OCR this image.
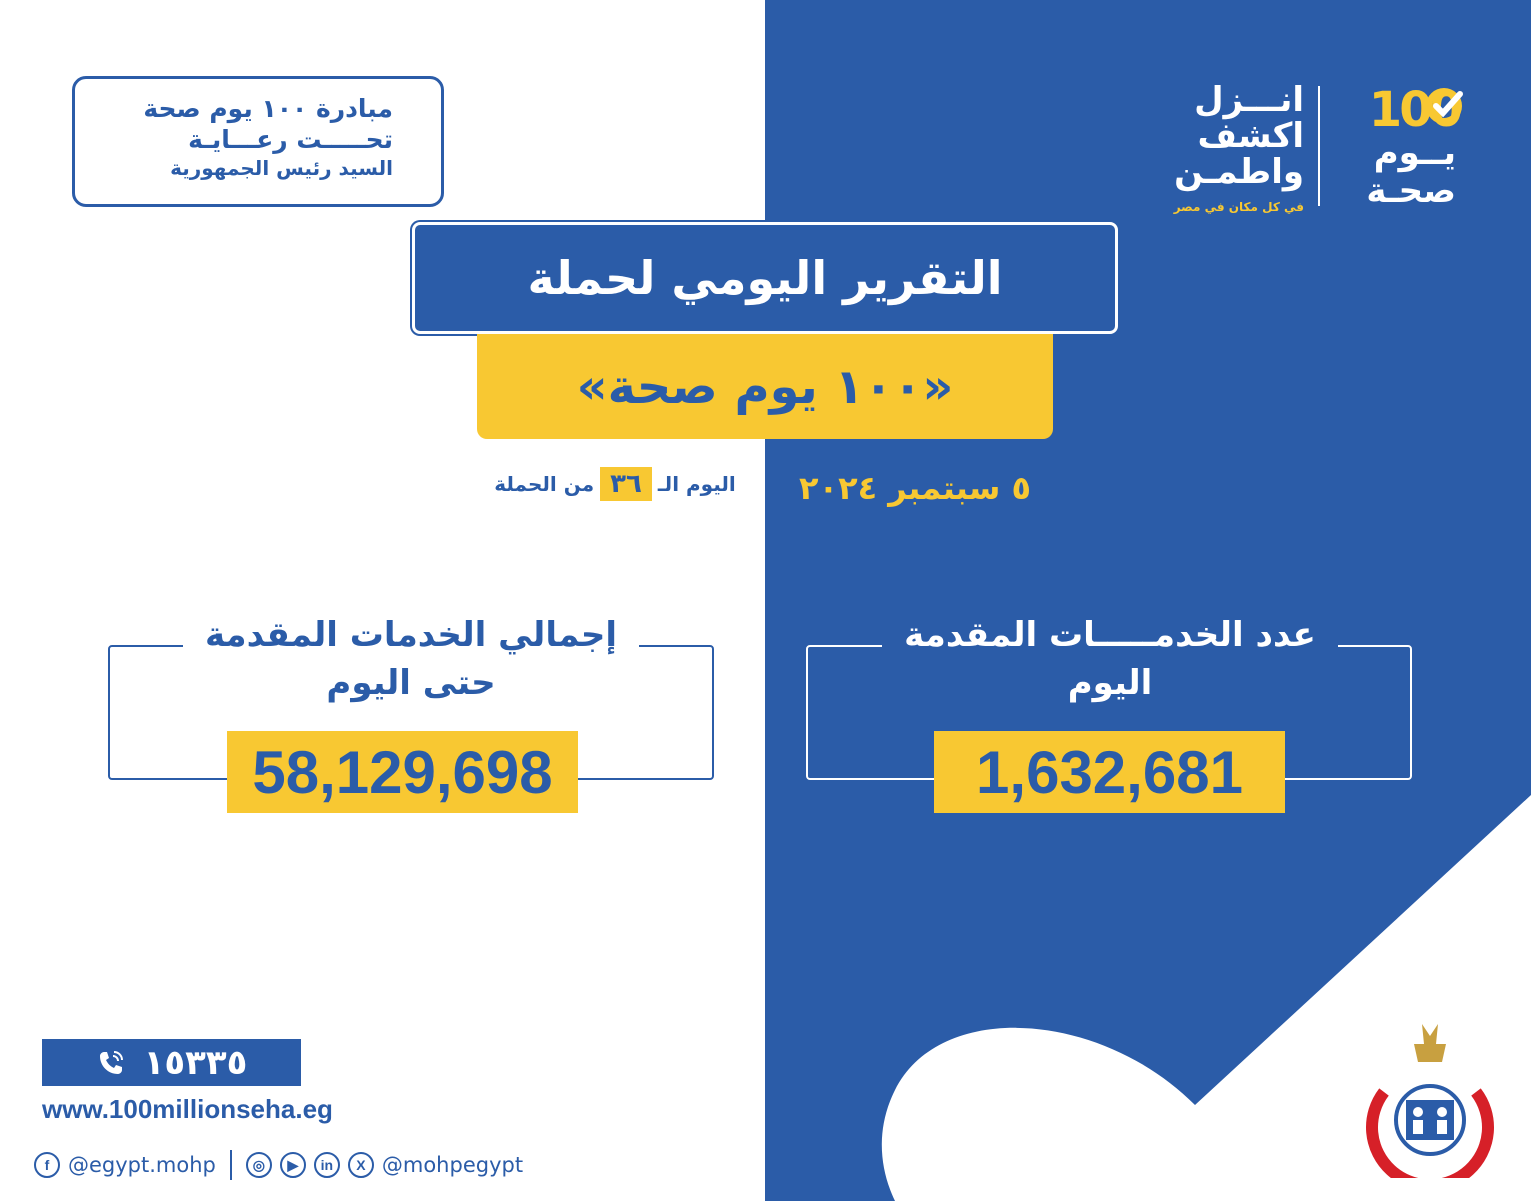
مبادرة ١٠٠ يوم صحة
تحـــــت رعـــايـة
السيد رئيس الجمهورية
100
يــوم
صحـة
انـــزل
اكشف
واطمـن
في كل مكان في مصر
التقرير اليومي لحملة
«١٠٠ يوم صحة»
اليوم الـ
٣٦
من الحملة	٥ سبتمبر ٢٠٢٤
إجمالي الخدمات المقدمة
حتى اليوم
58,129,698
عدد الخدمـــــات المقدمة
اليوم
1,632,681
١٥٣٣٥
www.100millionseha.eg
f @egypt.mohp	◎	▶	in	X @mohpegypt
